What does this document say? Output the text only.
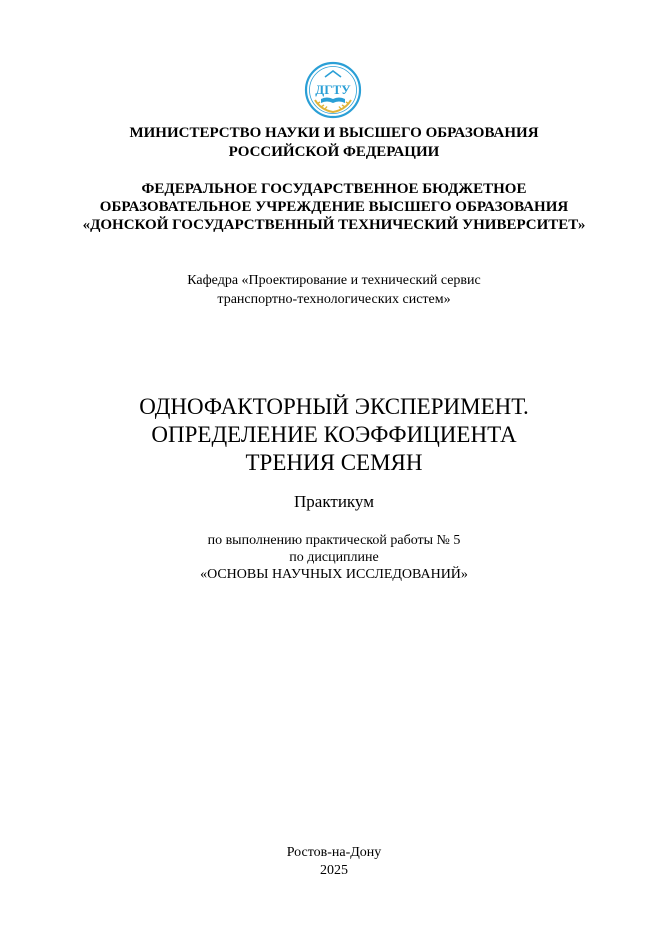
ДГТУ
МИНИСТЕРСТВО НАУКИ И ВЫСШЕГО ОБРАЗОВАНИЯ
РОССИЙСКОЙ ФЕДЕРАЦИИ
ФЕДЕРАЛЬНОЕ ГОСУДАРСТВЕННОЕ БЮДЖЕТНОЕ
ОБРАЗОВАТЕЛЬНОЕ УЧРЕЖДЕНИЕ ВЫСШЕГО ОБРАЗОВАНИЯ
«ДОНСКОЙ ГОСУДАРСТВЕННЫЙ ТЕХНИЧЕСКИЙ УНИВЕРСИТЕТ»
Кафедра «Проектирование и технический сервис
транспортно-технологических систем»
ОДНОФАКТОРНЫЙ ЭКСПЕРИМЕНТ.
ОПРЕДЕЛЕНИЕ КОЭФФИЦИЕНТА
ТРЕНИЯ СЕМЯН
Практикум
по выполнению практической работы № 5
по дисциплине
«ОСНОВЫ НАУЧНЫХ ИССЛЕДОВАНИЙ»
Ростов-на-Дону
2025
